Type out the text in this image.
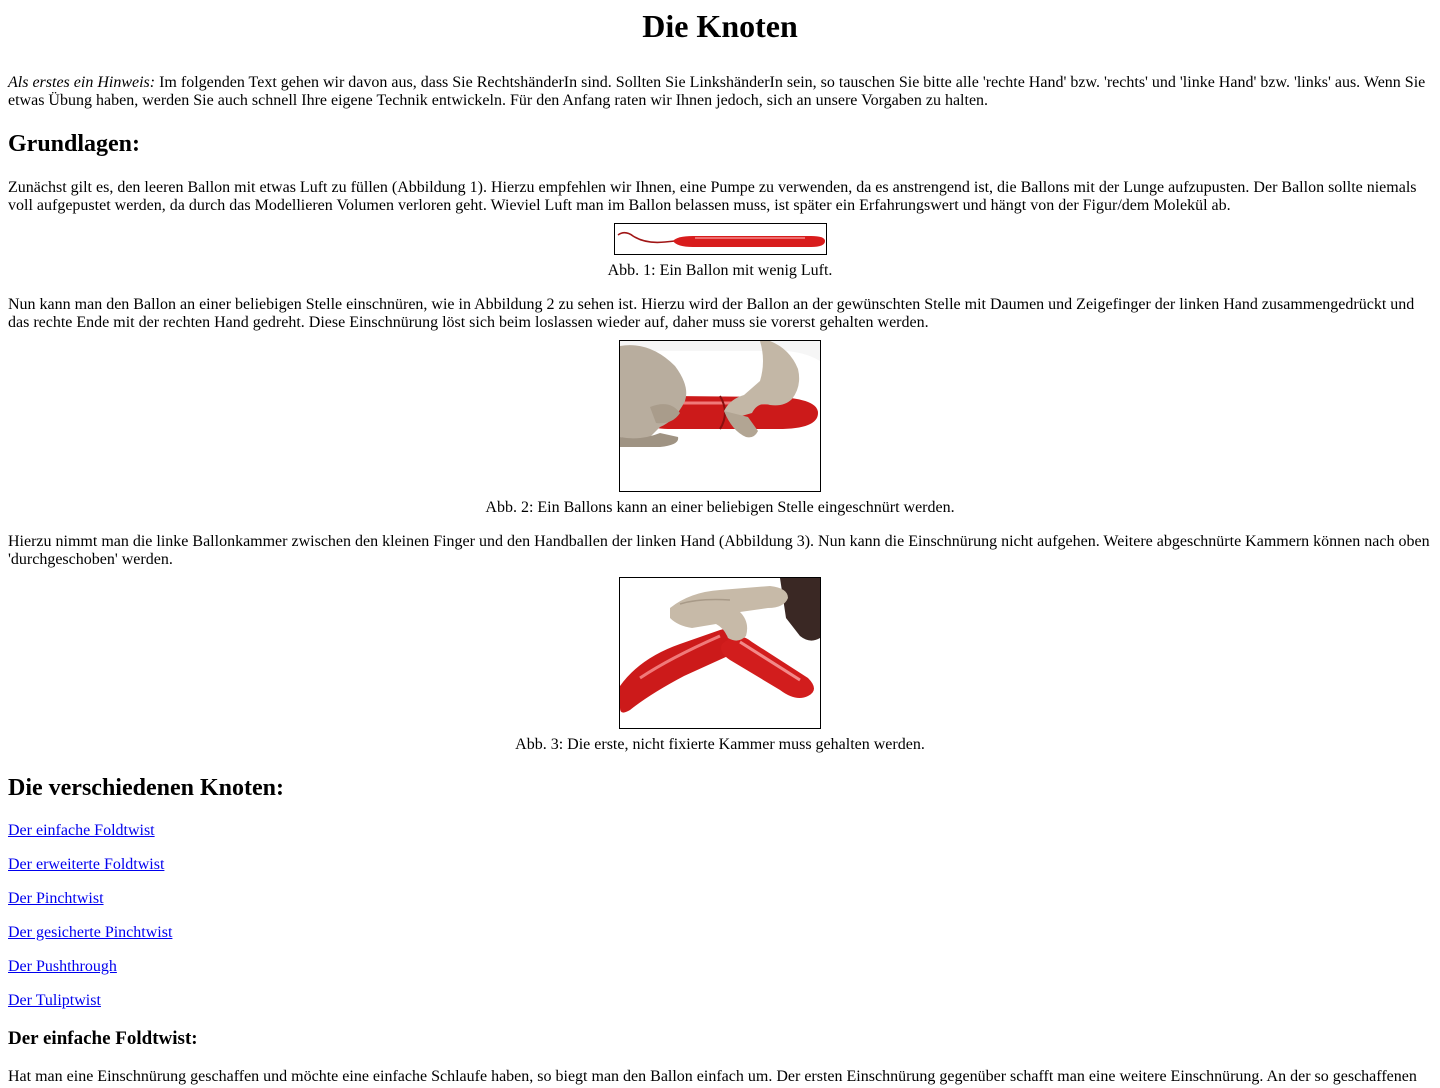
Die Knoten

Als erstes ein Hinweis: Im folgenden Text gehen wir davon aus, dass Sie RechtshänderIn sind. Sollten Sie LinkshänderIn sein, so tauschen Sie bitte alle 'rechte Hand' bzw. 'rechts' und 'linke Hand' bzw. 'links' aus. Wenn Sie etwas Übung haben, werden Sie auch schnell Ihre eigene Technik entwickeln. Für den Anfang raten wir Ihnen jedoch, sich an unsere Vorgaben zu halten.

Grundlagen:

Zunächst gilt es, den leeren Ballon mit etwas Luft zu füllen (Abbildung 1). Hierzu empfehlen wir Ihnen, eine Pumpe zu verwenden, da es anstrengend ist, die Ballons mit der Lunge aufzupusten. Der Ballon sollte niemals voll aufgepustet werden, da durch das Modellieren Volumen verloren geht. Wieviel Luft man im Ballon belassen muss, ist später ein Erfahrungswert und hängt von der Figur/dem Molekül ab.

Abb. 1: Ein Ballon mit wenig Luft.

Nun kann man den Ballon an einer beliebigen Stelle einschnüren, wie in Abbildung 2 zu sehen ist. Hierzu wird der Ballon an der gewünschten Stelle mit Daumen und Zeigefinger der linken Hand zusammengedrückt und das rechte Ende mit der rechten Hand gedreht. Diese Einschnürung löst sich beim loslassen wieder auf, daher muss sie vorerst gehalten werden.

Abb. 2: Ein Ballons kann an einer beliebigen Stelle eingeschnürt werden.

Hierzu nimmt man die linke Ballonkammer zwischen den kleinen Finger und den Handballen der linken Hand (Abbildung 3). Nun kann die Einschnürung nicht aufgehen. Weitere abgeschnürte Kammern können nach oben 'durchgeschoben' werden.

Abb. 3: Die erste, nicht fixierte Kammer muss gehalten werden.

Die verschiedenen Knoten:

Der einfache Foldtwist

Der erweiterte Foldtwist

Der Pinchtwist

Der gesicherte Pinchtwist

Der Pushthrough

Der Tuliptwist

Der einfache Foldtwist:

Hat man eine Einschnürung geschaffen und möchte eine einfache Schlaufe haben, so biegt man den Ballon einfach um. Der ersten Einschnürung gegenüber schafft man eine weitere Einschnürung. An der so geschaffenen
